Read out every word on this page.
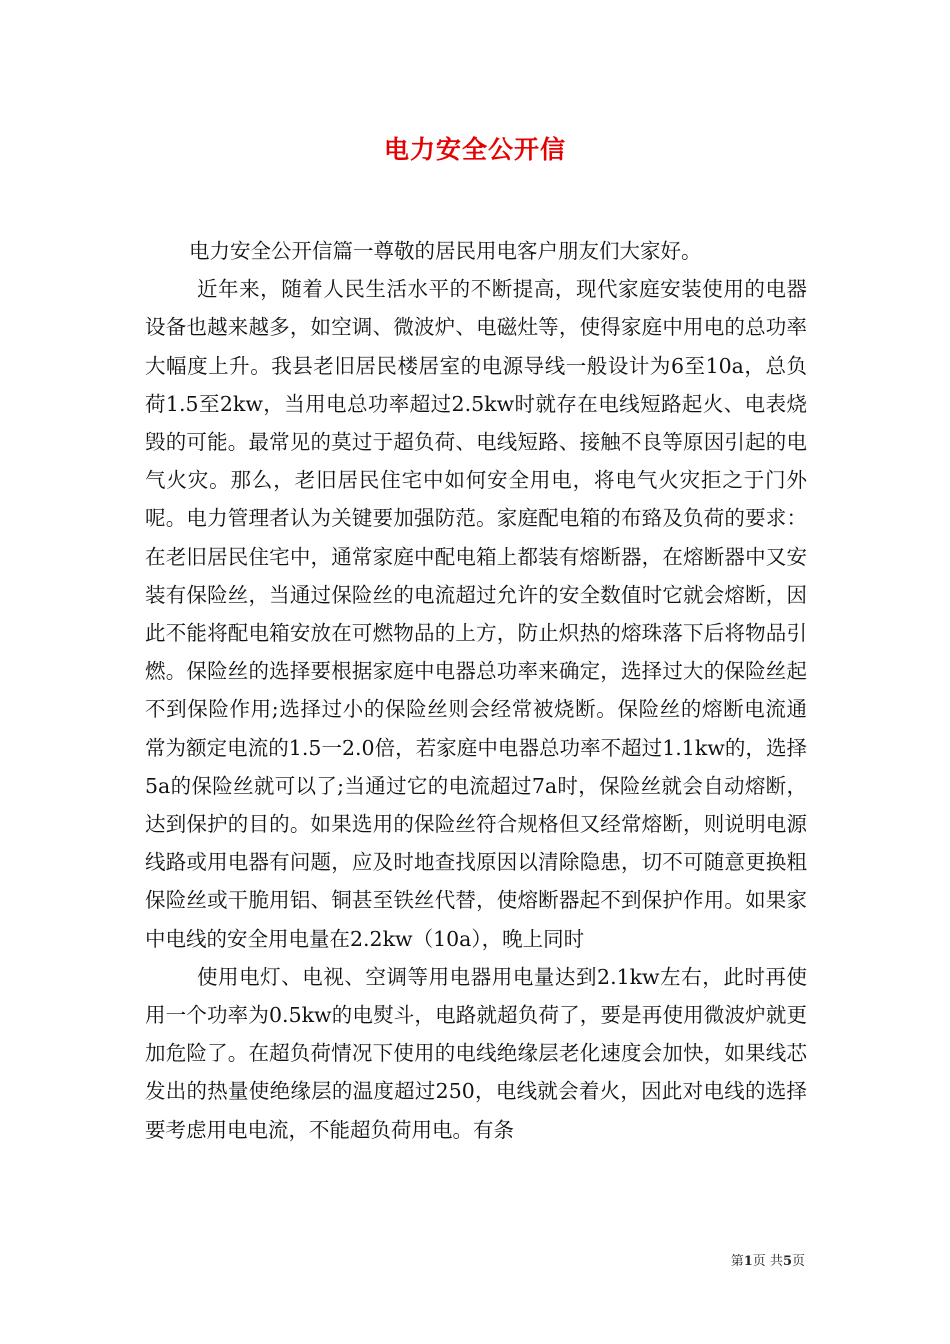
电力安全公开信

电力安全公开信篇一尊敬的居民用电客户朋友们大家好。

近年来，随着人民生活水平的不断提高，现代家庭安装使用的电器设备也越来越多，如空调、微波炉、电磁灶等，使得家庭中用电的总功率大幅度上升。我县老旧居民楼居室的电源导线一般设计为6至10a，总负荷1.5至2kw，当用电总功率超过2.5kw时就存在电线短路起火、电表烧毁的可能。最常见的莫过于超负荷、电线短路、接触不良等原因引起的电气火灾。那么，老旧居民住宅中如何安全用电，将电气火灾拒之于门外呢。电力管理者认为关键要加强防范。家庭配电箱的布臵及负荷的要求：在老旧居民住宅中，通常家庭中配电箱上都装有熔断器，在熔断器中又安装有保险丝，当通过保险丝的电流超过允许的安全数值时它就会熔断，因此不能将配电箱安放在可燃物品的上方，防止炽热的熔珠落下后将物品引燃。保险丝的选择要根据家庭中电器总功率来确定，选择过大的保险丝起不到保险作用;选择过小的保险丝则会经常被烧断。保险丝的熔断电流通常为额定电流的1.5一2.0倍，若家庭中电器总功率不超过1.1kw的，选择5a的保险丝就可以了;当通过它的电流超过7a时，保险丝就会自动熔断，达到保护的目的。如果选用的保险丝符合规格但又经常熔断，则说明电源线路或用电器有问题，应及时地查找原因以清除隐患，切不可随意更换粗保险丝或干脆用铝、铜甚至铁丝代替，使熔断器起不到保护作用。如果家中电线的安全用电量在2.2kw（10a），晚上同时

使用电灯、电视、空调等用电器用电量达到2.1kw左右，此时再使用一个功率为0.5kw的电熨斗，电路就超负荷了，要是再使用微波炉就更加危险了。在超负荷情况下使用的电线绝缘层老化速度会加快，如果线芯发出的热量使绝缘层的温度超过250，电线就会着火，因此对电线的选择要考虑用电电流，不能超负荷用电。有条

第1页 共5页
